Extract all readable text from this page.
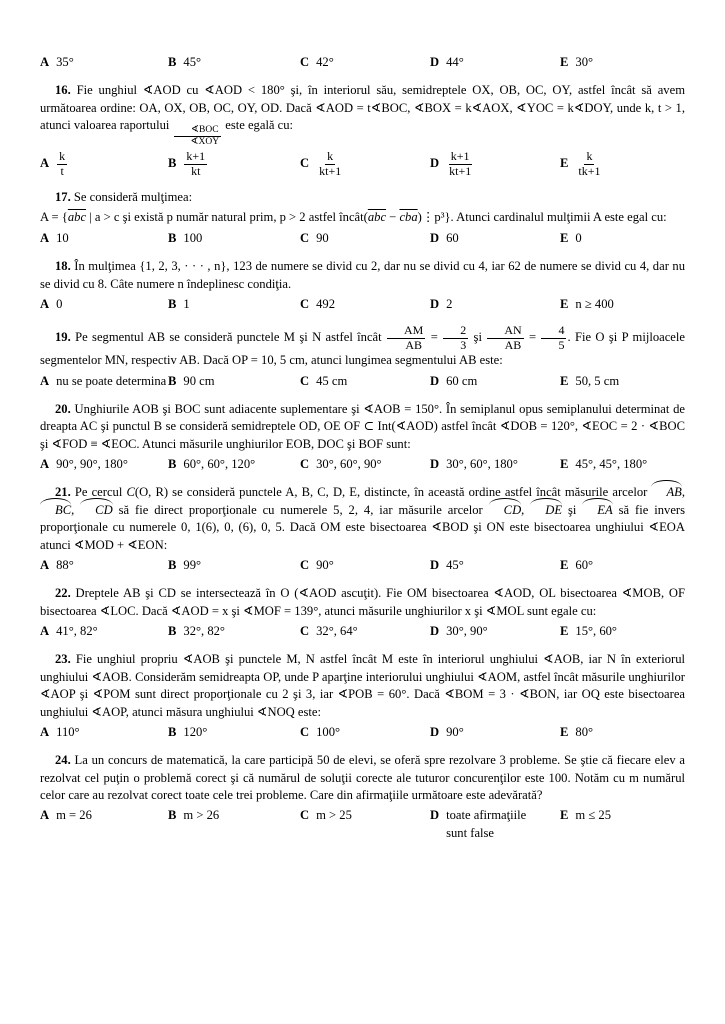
A 35°	B 45°	C 42°	D 44°	E 30°

16. Fie unghiul ∢AOD cu ∢AOD < 180° şi, în interiorul său, semidreptele OX, OB, OC, OY, astfel încât să avem următoarea ordine: OA, OX, OB, OC, OY, OD. Dacă ∢AOD = t∢BOC, ∢BOX = k∢AOX, ∢YOC = k∢DOY, unde k, t > 1, atunci valoarea raportului $\frac{\text{∢BOC}}{\text{∢XOY}}$ este egală cu:

A $\frac{k}{t}$	B $\frac{k+1}{kt}$	C $\frac{k}{kt+1}$	D $\frac{k+1}{kt+1}$	E $\frac{k}{tk+1}$

17. Se consideră mulţimea:

$A = \{\overline{abc}$ | a > c şi există p număr natural prim, p > 2 astfel $încât(\overline{abc}$ − $\overline{cba})⋮p^3$}. Atunci cardinalul mulţimii A este egal cu:

A 10	B 100	C 90	D 60	E 0

18. În mulţimea {1, 2, 3, · · · , n}, 123 de numere se divid cu 2, dar nu se divid cu 4, iar 62 de numere se divid cu 4, dar nu se divid cu 8. Câte numere n îndeplinesc condiţia.

A 0	B 1	C 492	D 2	E n ≥ 400

19. Pe segmentul AB se consideră punctele M şi N astfel încât $\frac{AM}{AB} = \frac{2}{3}$ şi $\frac{AN}{AB} = \frac{4}{5}$ . Fie O şi P mijloacele segmentelor MN, respectiv AB. Dacă OP = 10, 5 cm, atunci lungimea segmentului AB este:

A nu se poate determina B 90 cm	C 45 cm	D 60 cm	E 50, 5 cm

20. Unghiurile AOB şi BOC sunt adiacente suplementare şi ∢AOB = 150°. În semiplanul opus semiplanului determinat de dreapta AC şi punctul B se consideră semidreptele OD, OE OF ⊂ Int(∢AOD) astfel încât ∢DOB = 120°, ∢EOC = 2 · ∢BOC şi ∢FOD ≡ ∢EOC. Atunci măsurile unghiurilor EOB, DOC şi BOF sunt:

A 90°, 90°, 180°	B 60°, 60°, 120°	C 30°, 60°, 90°	D 30°, 60°, 180°	E 45°, 45°, 180°

21. Pe cercul C(O, R) se consideră punctele A, B, C, D, E, distincte, în această ordine astfel încât măsurile arcelor AB, BC, CD să fie direct proporţionale cu numerele 5, 2, 4, iar măsurile arcelor CD, DE şi EA să fie invers proporţionale cu numerele 0, 1(6), 0, (6), 0, 5. Dacă OM este bisectoarea ∢BOD şi ON este bisectoarea unghiului ∢EOA atunci ∢MOD + ∢EON:

A 88°	B 99°	C 90°	D 45°	E 60°

22. Dreptele AB şi CD se intersectează în O (∢AOD ascuţit). Fie OM bisectoarea ∢AOD, OL bisectoarea ∢MOB, OF bisectoarea ∢LOC. Dacă ∢AOD = x şi ∢MOF = 139°, atunci măsurile unghiurilor x şi ∢MOL sunt egale cu:

A 41°, 82°	B 32°, 82°	C 32°, 64°	D 30°, 90°	E 15°, 60°

23. Fie unghiul propriu ∢AOB şi punctele M, N astfel încât M este în interiorul unghiului ∢AOB, iar N în exteriorul unghiului ∢AOB. Considerăm semidreapta OP, unde P aparţine interiorului unghiului ∢AOM, astfel încât măsurile unghiurilor ∢AOP şi ∢POM sunt direct proporţionale cu 2 şi 3, iar ∢POB = 60°. Dacă ∢BOM = 3 · ∢BON, iar OQ este bisectoarea unghiului ∢AOP, atunci măsura unghiului ∢NOQ este:

A 110°	B 120°	C 100°	D 90°	E 80°

24. La un concurs de matematică, la care participă 50 de elevi, se oferă spre rezolvare 3 probleme. Se ştie că fiecare elev a rezolvat cel puţin o problemă corect şi că numărul de soluţii corecte ale tuturor concurenţilor este 100. Notăm cu m numărul celor care au rezolvat corect toate cele trei probleme. Care din afirmaţiile următoare este adevărată?

A m = 26	B m > 26	C m > 25	D toate afirmaţiile sunt false
E m ≤ 25
